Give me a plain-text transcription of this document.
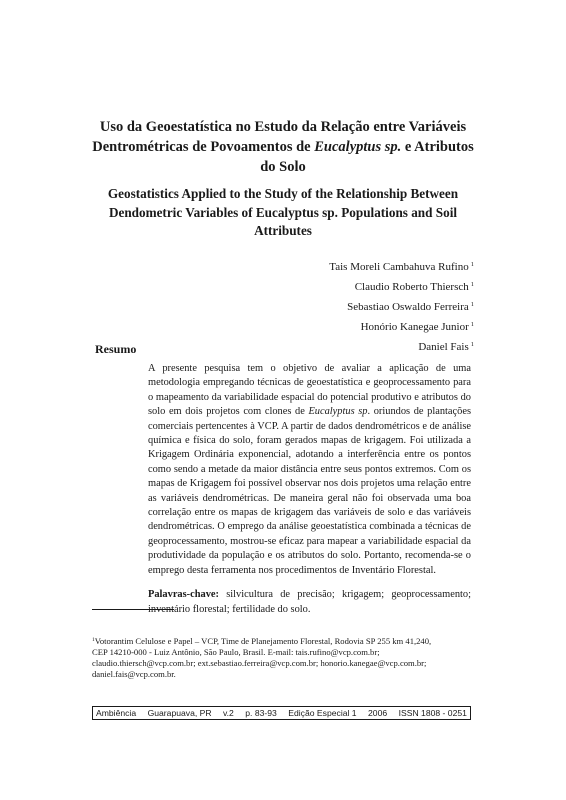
Uso da Geoestatística no Estudo da Relação entre Variáveis
Dentrométricas de Povoamentos de Eucalyptus sp. e Atributos
do Solo
Geostatistics Applied to the Study of the Relationship Between
Dendometric Variables of Eucalyptus sp. Populations and Soil
Attributes
Tais Moreli Cambahuva Rufino $^1$
Claudio Roberto Thiersch $^1$
Sebastiao Oswaldo Ferreira $^1$
Honório Kanegae Junior $^1$
Daniel Fais $^1$
Resumo

A presente pesquisa tem o objetivo de avaliar a aplicação de uma metodologia empregando técnicas de geoestatística e geoprocessamento para o mapeamento da variabilidade espacial do potencial produtivo e atributos do solo em dois projetos com clones de Eucalyptus sp. oriundos de plantações comerciais pertencentes à VCP. A partir de dados dendrométricos e de análise química e física do solo, foram gerados mapas de krigagem. Foi utilizada a Krigagem Ordinária exponencial, adotando a interferência entre os pontos como sendo a metade da maior distância entre seus pontos extremos. Com os mapas de Krigagem foi possível observar nos dois projetos uma relação entre as variáveis dendrométricas. De maneira geral não foi observada uma boa correlação entre os mapas de krigagem das variáveis de solo e das variáveis dendrométricas. O emprego da análise geoestatística combinada a técnicas de geoprocessamento, mostrou-se eficaz para mapear a variabilidade espacial da produtividade da população e os atributos do solo. Portanto, recomenda-se o emprego desta ferramenta nos procedimentos de Inventário Florestal.

Palavras-chave: silvicultura de precisão; krigagem; geoprocessamento; inventário florestal; fertilidade do solo.

$^1$Votorantim Celulose e Papel – VCP, Time de Planejamento Florestal, Rodovia SP 255 km 41,240,
CEP 14210-000 - Luiz Antônio, São Paulo, Brasil. E-mail: tais.rufino@vcp.com.br;
claudio.thiersch@vcp.com.br; ext.sebastiao.ferreira@vcp.com.br; honorio.kanegae@vcp.com.br;
daniel.fais@vcp.com.br.
Ambiência Guarapuava, PR v.2 p. 83-93 Edição Especial 1 2006 ISSN 1808 - 0251
